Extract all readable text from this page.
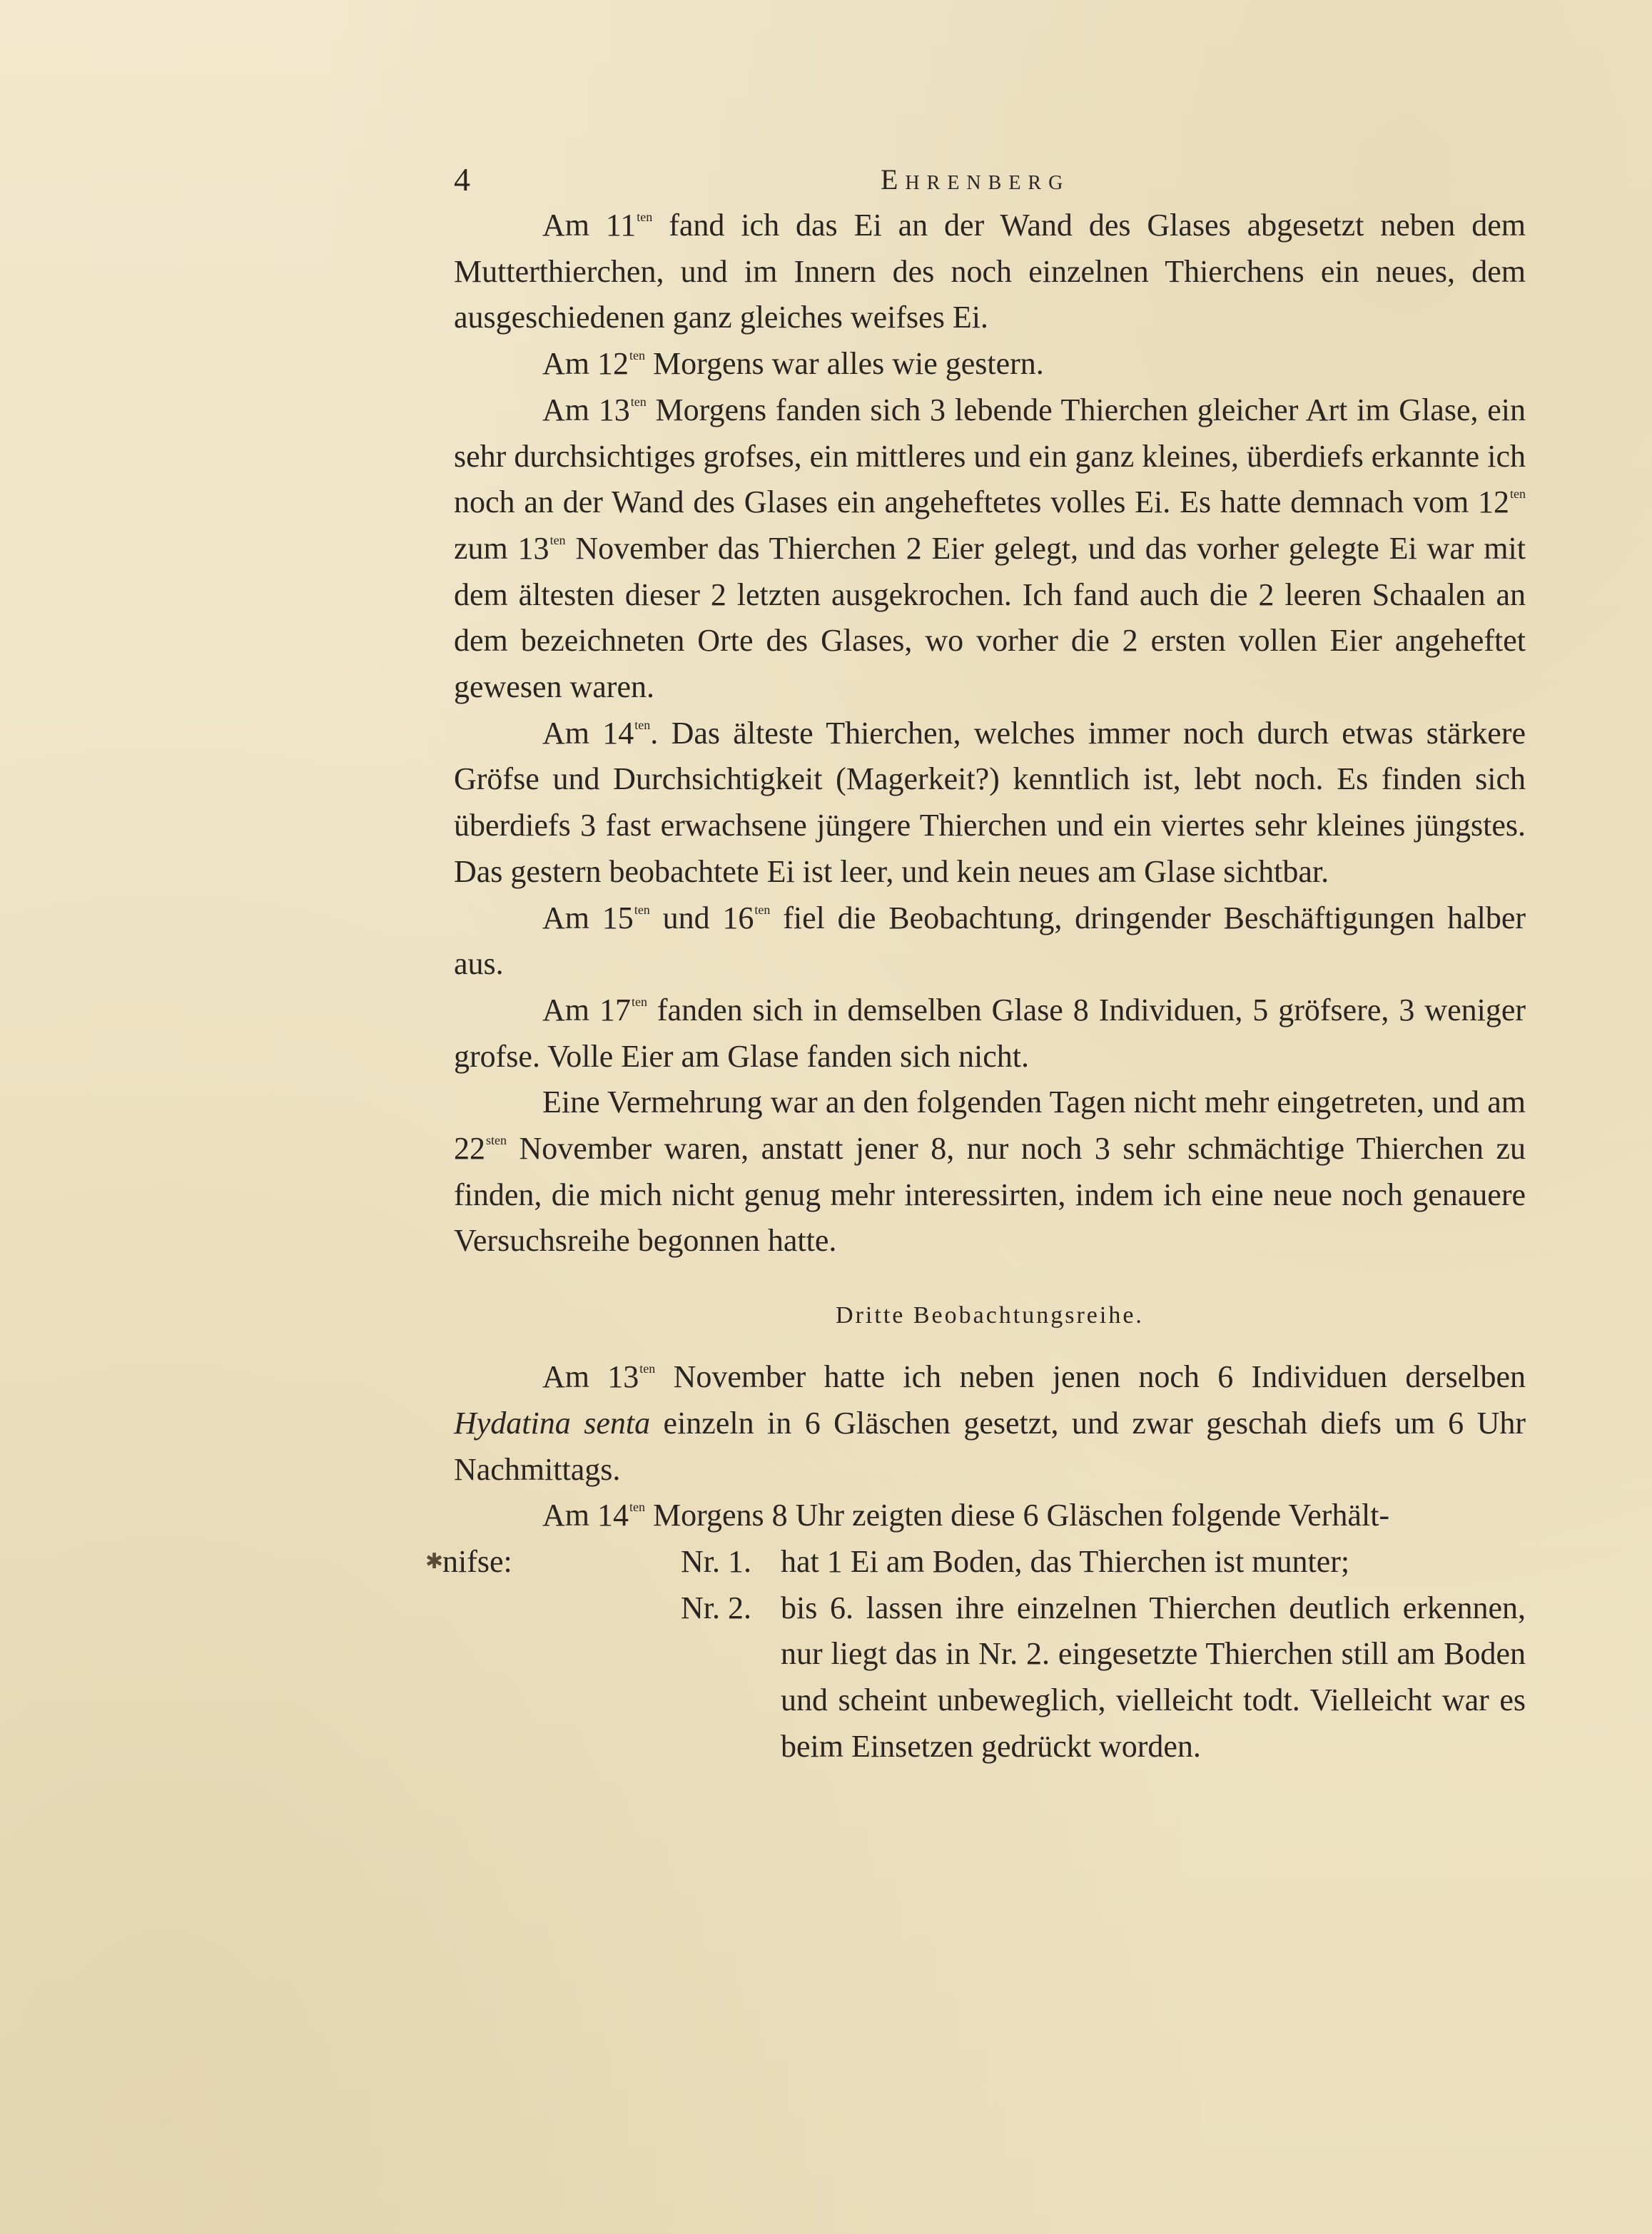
4	Ehrenberg

Am $11^{ten}$ fand ich das Ei an der Wand des Glases abgesetzt neben dem Mutterthierchen, und im Innern des noch einzelnen Thierchens ein neues, dem ausgeschiedenen ganz gleiches weifses Ei.

Am $12^{ten}$ Morgens war alles wie gestern.

Am $13^{ten}$ Morgens fanden sich 3 lebende Thierchen gleicher Art im Glase, ein sehr durchsichtiges grofses, ein mittleres und ein ganz kleines, überdiefs erkannte ich noch an der Wand des Glases ein angeheftetes volles Ei. Es hatte demnach vom $12^{ten}$ zum $13^{ten}$ November das Thierchen 2 Eier gelegt, und das vorher gelegte Ei war mit dem ältesten dieser 2 letzten ausgekrochen. Ich fand auch die 2 leeren Schaalen an dem bezeichneten Orte des Glases, wo vorher die 2 ersten vollen Eier angeheftet gewesen waren.

Am $14^{ten}$. Das älteste Thierchen, welches immer noch durch etwas stärkere Gröfse und Durchsichtigkeit (Magerkeit?) kenntlich ist, lebt noch. Es finden sich überdiefs 3 fast erwachsene jüngere Thierchen und ein viertes sehr kleines jüngstes. Das gestern beobachtete Ei ist leer, und kein neues am Glase sichtbar.

Am $15^{ten}$ und $16^{ten}$ fiel die Beobachtung, dringender Beschäftigungen halber aus.

Am $17^{ten}$ fanden sich in demselben Glase 8 Individuen, 5 gröfsere, 3 weniger grofse. Volle Eier am Glase fanden sich nicht.

Eine Vermehrung war an den folgenden Tagen nicht mehr eingetreten, und am $22^{sten}$ November waren, anstatt jener 8, nur noch 3 sehr schmächtige Thierchen zu finden, die mich nicht genug mehr interessirten, indem ich eine neue noch genauere Versuchsreihe begonnen hatte.

Dritte Beobachtungsreihe.

Am $13^{ten}$ November hatte ich neben jenen noch 6 Individuen derselben Hydatina senta einzeln in 6 Gläschen gesetzt, und zwar geschah diefs um 6 Uhr Nachmittags.

Am $14^{ten}$ Morgens 8 Uhr zeigten diese 6 Gläschen folgende Verhält-

✱
nifse:	Nr. 1. hat 1 Ei am Boden, das Thierchen ist munter;
Nr. 2. bis 6. lassen ihre einzelnen Thierchen deutlich erkennen, nur liegt das in Nr. 2. eingesetzte Thierchen still am Boden und scheint unbeweglich, vielleicht todt. Vielleicht war es beim Einsetzen gedrückt worden.
